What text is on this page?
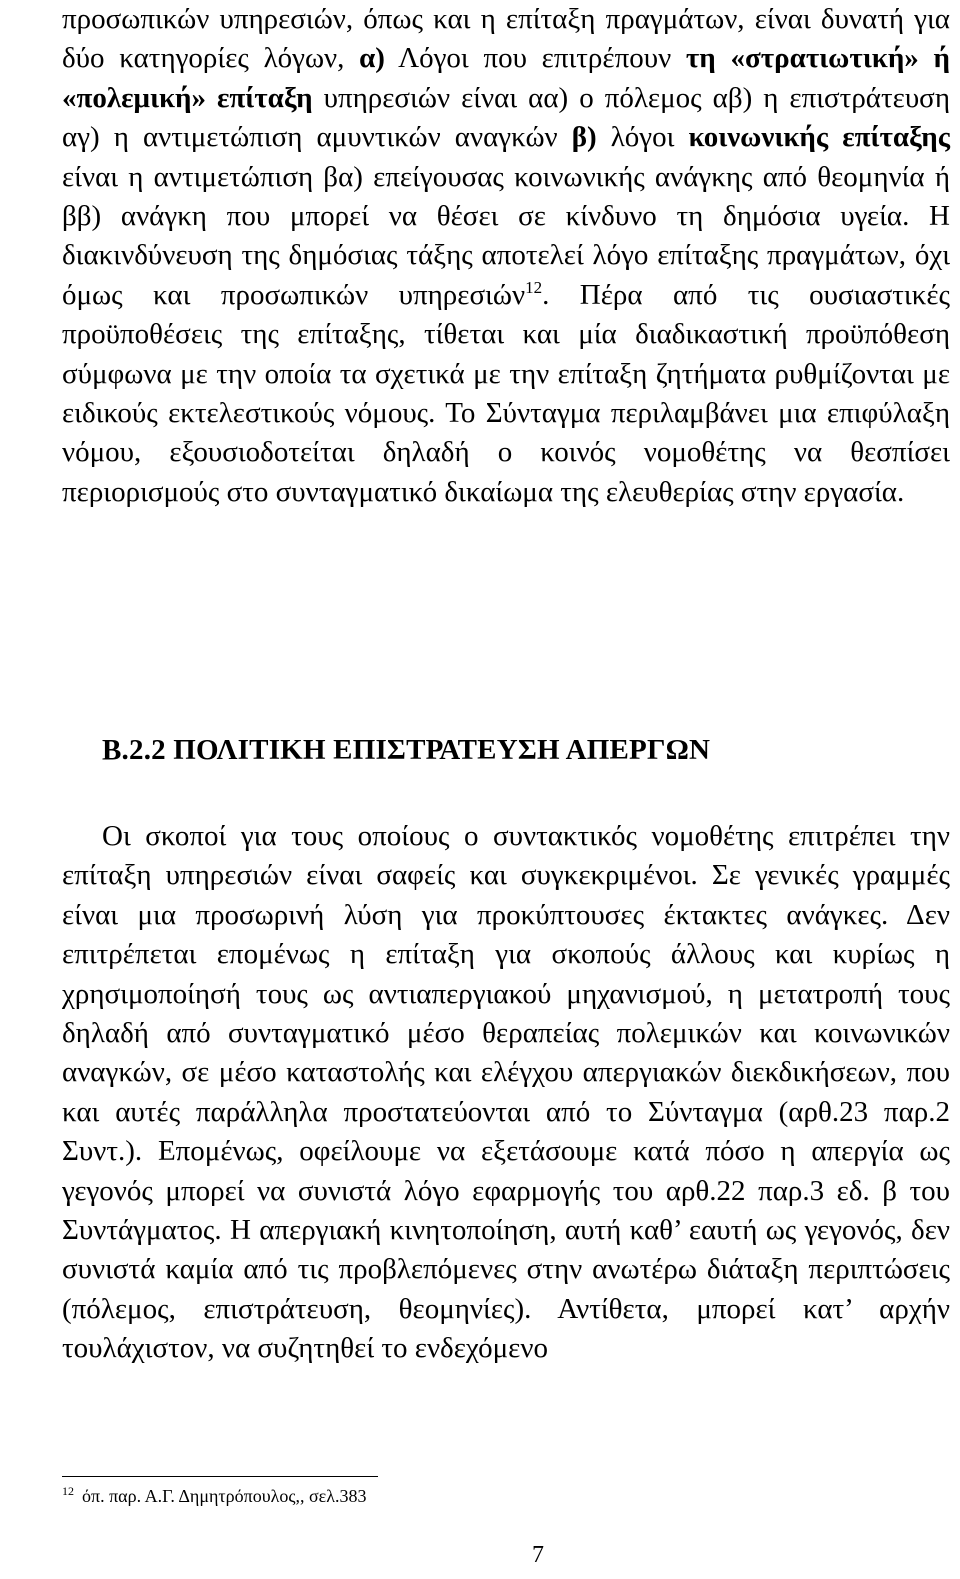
προσωπικών υπηρεσιών, όπως και η επίταξη πραγμάτων, είναι δυνατή για δύο κατηγορίες λόγων, α) Λόγοι που επιτρέπουν τη «στρατιωτική» ή «πολεμική» επίταξη υπηρεσιών είναι αα) ο πόλεμος αβ) η επιστράτευση αγ) η αντιμετώπιση αμυντικών αναγκών β) λόγοι κοινωνικής επίταξης είναι η αντιμετώπιση βα) επείγουσας κοινωνικής ανάγκης από θεομηνία ή ββ) ανάγκη που μπορεί να θέσει σε κίνδυνο τη δημόσια υγεία. Η διακινδύνευση της δημόσιας τάξης αποτελεί λόγο επίταξης πραγμάτων, όχι όμως και προσωπικών υπηρεσιών$^{12}$. Πέρα από τις ουσιαστικές προϋποθέσεις της επίταξης, τίθεται και μία διαδικαστική προϋπόθεση σύμφωνα με την οποία τα σχετικά με την επίταξη ζητήματα ρυθμίζονται με ειδικούς εκτελεστικούς νόμους. Το Σύνταγμα περιλαμβάνει μια επιφύλαξη νόμου, εξουσιοδοτείται δηλαδή ο κοινός νομοθέτης να θεσπίσει περιορισμούς στο συνταγματικό δικαίωμα της ελευθερίας στην εργασία.

Β.2.2 ΠΟΛΙΤΙΚΗ ΕΠΙΣΤΡΑΤΕΥΣΗ ΑΠΕΡΓΩΝ

Οι σκοποί για τους οποίους ο συντακτικός νομοθέτης επιτρέπει την επίταξη υπηρεσιών είναι σαφείς και συγκεκριμένοι. Σε γενικές γραμμές είναι μια προσωρινή λύση για προκύπτουσες έκτακτες ανάγκες. Δεν επιτρέπεται επομένως η επίταξη για σκοπούς άλλους και κυρίως η χρησιμοποίησή τους ως αντιαπεργιακού μηχανισμού, η μετατροπή τους δηλαδή από συνταγματικό μέσο θεραπείας πολεμικών και κοινωνικών αναγκών, σε μέσο καταστολής και ελέγχου απεργιακών διεκδικήσεων, που και αυτές παράλληλα προστατεύονται από το Σύνταγμα (αρθ.23 παρ.2 Συντ.). Επομένως, οφείλουμε να εξετάσουμε κατά πόσο η απεργία ως γεγονός μπορεί να συνιστά λόγο εφαρμογής του αρθ.22 παρ.3 εδ. β του Συντάγματος. Η απεργιακή κινητοποίηση, αυτή καθ’ εαυτή ως γεγονός, δεν συνιστά καμία από τις προβλεπόμενες στην ανωτέρω διάταξη περιπτώσεις (πόλεμος, επιστράτευση, θεομηνίες). Αντίθετα, μπορεί κατ’ αρχήν τουλάχιστον, να συζητηθεί το ενδεχόμενο

$^{12}$ όπ. παρ. Α.Γ. Δημητρόπουλος,, σελ.383
7
